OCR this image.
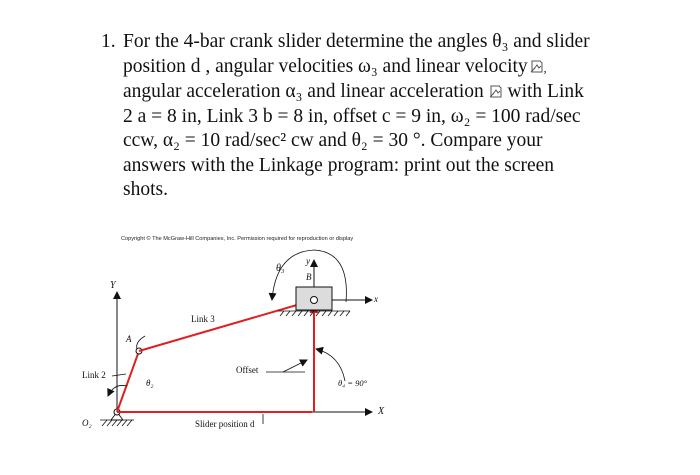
1. For the 4-bar crank slider determine the angles θ₃ and slider
position d , angular velocities ω₃ and linear velocity ,
angular acceleration α₃ and linear acceleration with Link
2 a = 8 in, Link 3 b = 8 in, offset c = 9 in, ω₂ = 100 rad/sec
ccw, α₂ = 10 rad/sec² cw and θ₂ = 30 °. Compare your
answers with the Linkage program: print out the screen
shots.
Copyright © The McGraw-Hill Companies, Inc. Permission required for reproduction or display
θ₃
y
B
Y
x
Link 3
A
Offset
Link 2
θ₂	θ₄ = 90°
X
O₂	Slider position d
